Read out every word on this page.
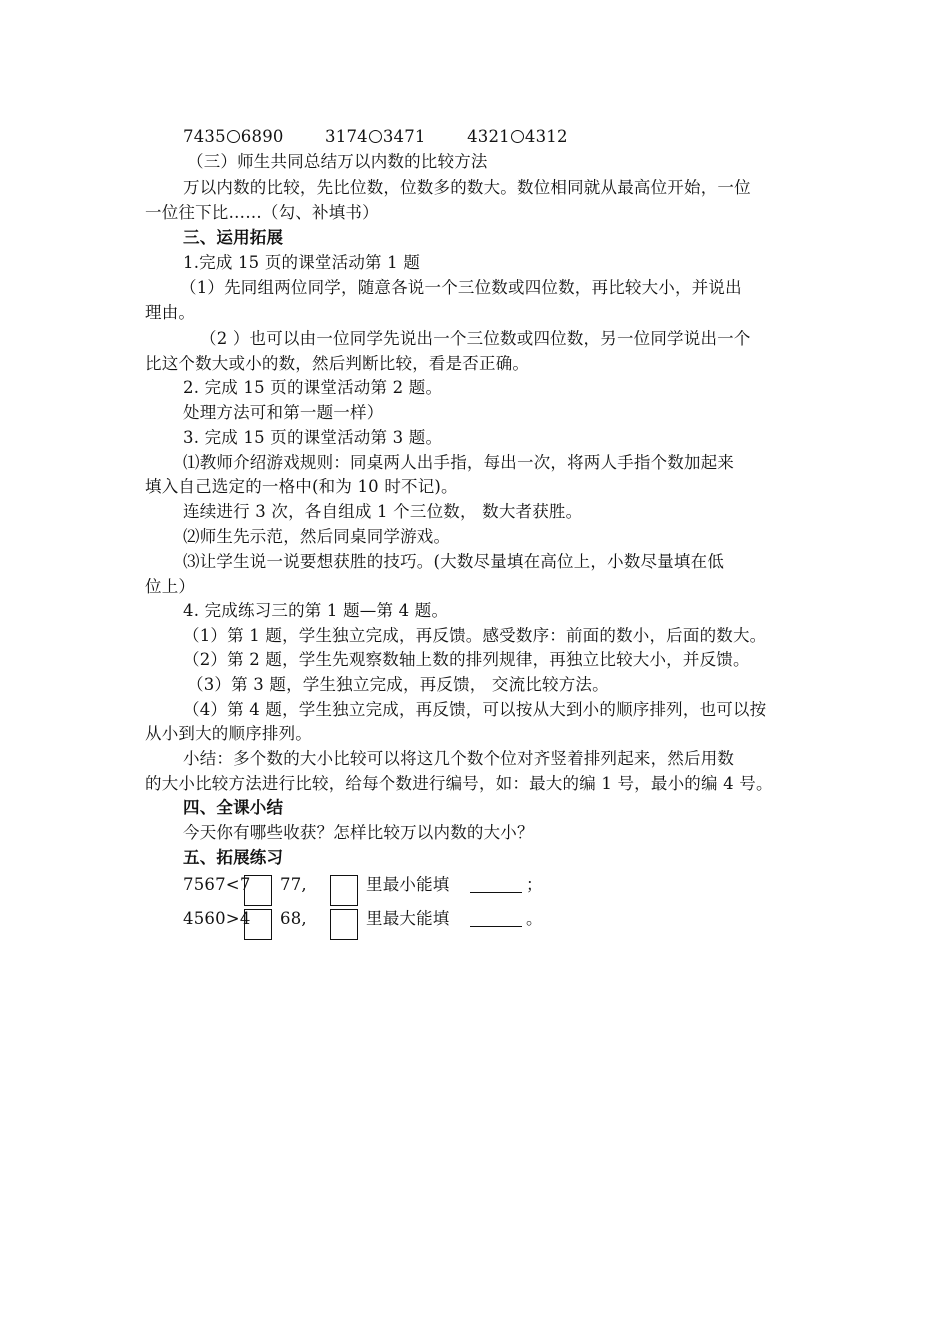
7435 6890	3174 3471	4321 4312
（三）师生共同总结万以内数的比较方法
万以内数的比较，先比位数，位数多的数大。数位相同就从最高位开始，一位
一位往下比……（勾、补填书）
三、运用拓展
1.完成 15 页的课堂活动第 1 题
（1）先同组两位同学，随意各说一个三位数或四位数，再比较大小，并说出
理由。
（2 ）也可以由一位同学先说出一个三位数或四位数，另一位同学说出一个
比这个数大或小的数，然后判断比较，看是否正确。
2. 完成 15 页的课堂活动第 2 题。
处理方法可和第一题一样）
3. 完成 15 页的课堂活动第 3 题。
⑴教师介绍游戏规则：同桌两人出手指，每出一次，将两人手指个数加起来
填入自己选定的一格中(和为 10 时不记)。
连续进行 3 次，各自组成 1 个三位数， 数大者获胜。
⑵师生先示范，然后同桌同学游戏。
⑶让学生说一说要想获胜的技巧。(大数尽量填在高位上，小数尽量填在低
位上）
4. 完成练习三的第 1 题—第 4 题。
（1）第 1 题，学生独立完成，再反馈。感受数序：前面的数小，后面的数大。
（2）第 2 题，学生先观察数轴上数的排列规律，再独立比较大小，并反馈。
（3）第 3 题，学生独立完成，再反馈， 交流比较方法。
（4）第 4 题，学生独立完成，再反馈，可以按从大到小的顺序排列，也可以按
从小到大的顺序排列。
小结：多个数的大小比较可以将这几个数个位对齐竖着排列起来，然后用数
的大小比较方法进行比较，给每个数进行编号，如：最大的编 1 号，最小的编 4 号。
四、全课小结
今天你有哪些收获？怎样比较万以内数的大小？
五、拓展练习
7567<7 77,	里最小能填	；
4560>4 68,	里最大能填	。
